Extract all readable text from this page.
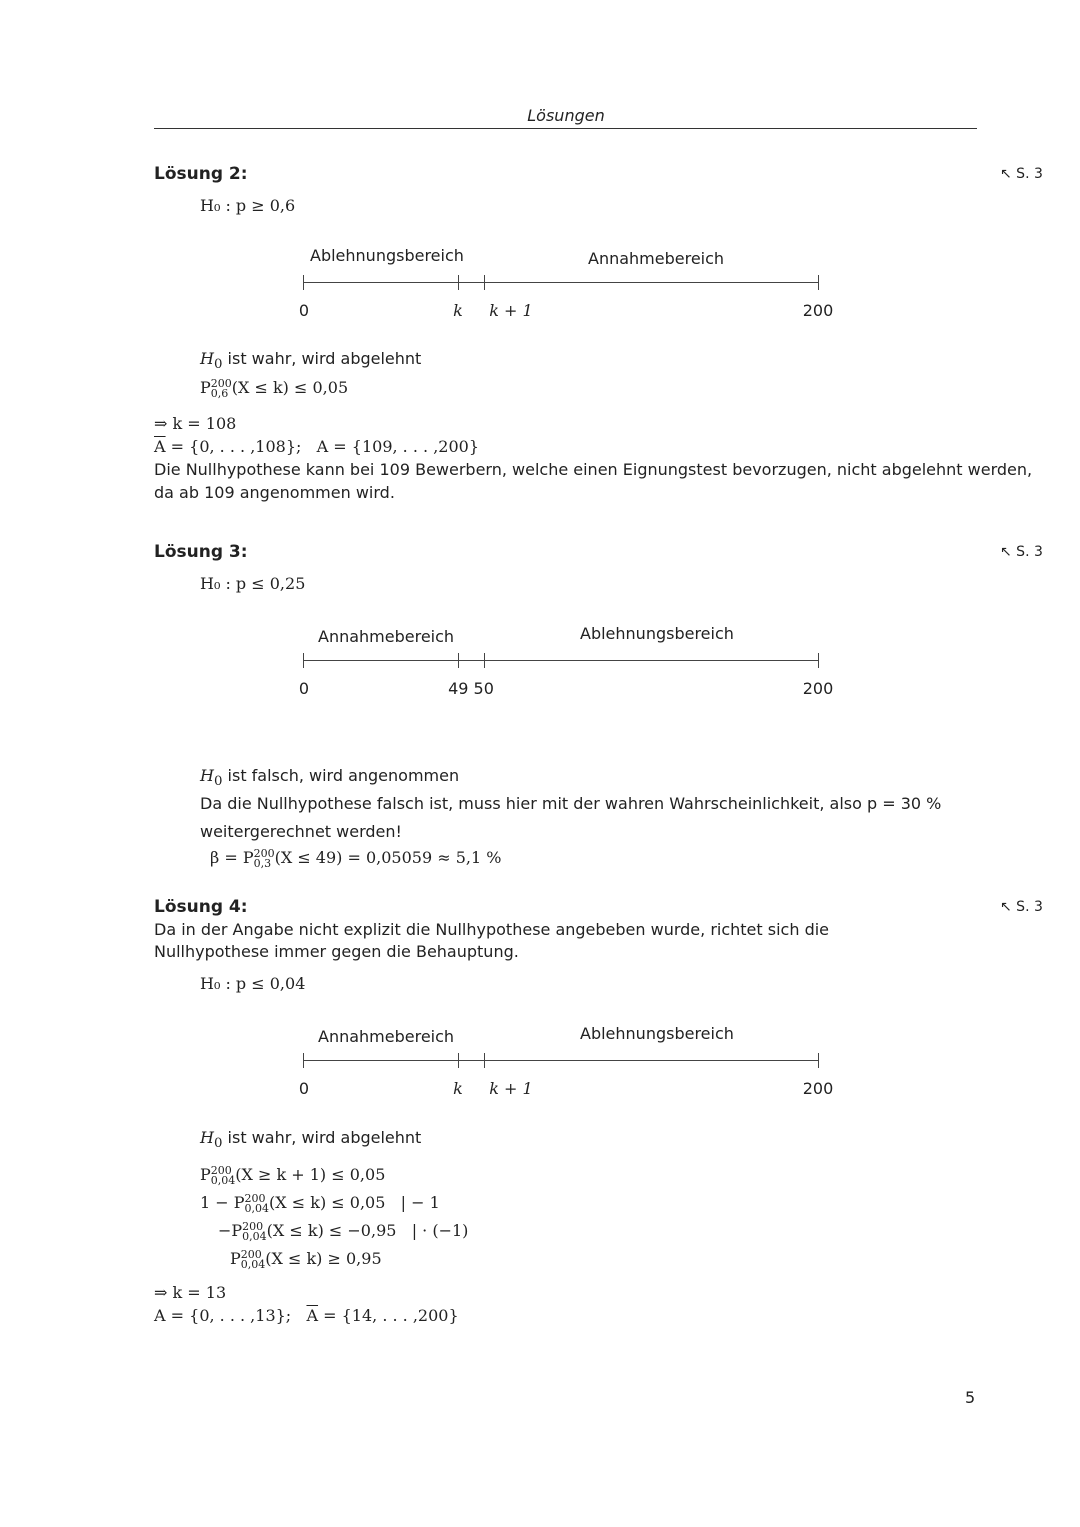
Lösungen
Lösung 2:	↖ S. 3
H₀ : p ≥ 0,6
Ablehnungsbereich	Annahmebereich
0	k k + 1	200
$H_0$ ist wahr, wird abgelehnt
P 200
0,6 (X ≤ k) ≤ 0,05
⇒ k = 108
$\overline{A} = \{0$, . . . ,108}; A = {109, . . . ,200}
Die Nullhypothese kann bei 109 Bewerbern, welche einen Eignungstest bevorzugen, nicht abgelehnt werden,
da ab 109 angenommen wird.
Lösung 3:	↖ S. 3
H₀ : p ≤ 0,25
Annahmebereich	Ablehnungsbereich
0	49 50	200
$H_0$ ist falsch, wird angenommen
Da die Nullhypothese falsch ist, muss hier mit der wahren Wahrscheinlichkeit, also p = 30 %
weitergerechnet werden!
β = P 200
0,3 (X ≤ 49) = 0,05059 ≈ 5,1 %
Lösung 4:	↖ S. 3
Da in der Angabe nicht explizit die Nullhypothese angebeben wurde, richtet sich die
Nullhypothese immer gegen die Behauptung.
H₀ : p ≤ 0,04
Annahmebereich	Ablehnungsbereich
0	k k + 1	200
$H_0$ ist wahr, wird abgelehnt
P 200
0,04 (X ≥ k + 1) ≤ 0,05
1 − P 200
0,04 (X ≤ k) ≤ 0,05   | − 1
−P 200
0,04 (X ≤ k) ≤ −0,95   | · (−1)
P 200
0,04 (X ≤ k) ≥ 0,95
⇒ k = 13
A = {0, . . . ,13}; $\overline{A} = \{14$, . . . ,200}
5
